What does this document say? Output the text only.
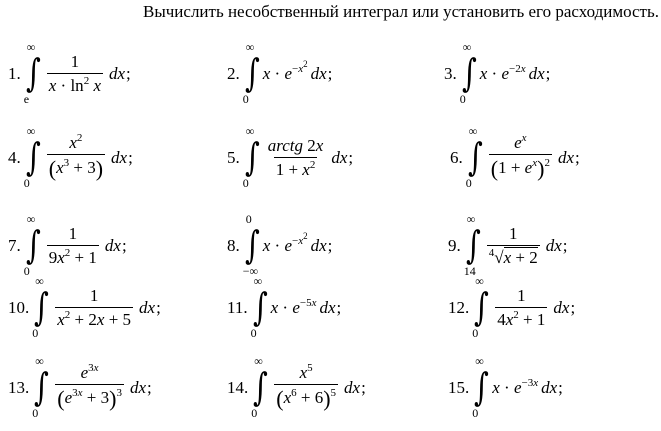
Вычислить несобственный интеграл или установить его расходимость.
1. ∫
∞
e
$\frac{1}{x \cdot \ln^2 x}$ dx ;	2. ∫
∞
0
$x \cdot e^{-x^2}$ dx ;	3. ∫
∞
0
$x \cdot e^{-2x}$ dx ;
4. ∫
∞
0
$\frac{x^2}{(x^3 + 3)}$ dx ;	5. ∫
∞
0
$\frac{\text{arctg 2x}}{1 + x^2}$ dx ;	6. ∫
∞
0
$\frac{e^x}{(1 + e^x)^2}$ dx ;
7. ∫
∞
0
$\frac{1}{9x^2 + 1}$ dx ;	8. ∫
0
−∞
$x \cdot e^{-x^2}$ dx ;	9. ∫
∞
14
$\frac{1}{^4√x + 2}$ dx ;
10. ∫
∞
0
$\frac{1}{x^2 + 2x + 5}$ dx ;	11. ∫
∞
0
$x \cdot e^{-5x}$ dx ;	12. ∫
∞
0
$\frac{1}{4x^2 + 1}$ dx ;
13. ∫
∞
0
$\frac{e^{3x}}{(e^{3x} + 3)^3}$ dx ;	14. ∫
∞
0
$\frac{x^5}{(x^6 + 6)^5}$ dx ;	15. ∫
∞
0
$x \cdot e^{-3x}$ dx ;
